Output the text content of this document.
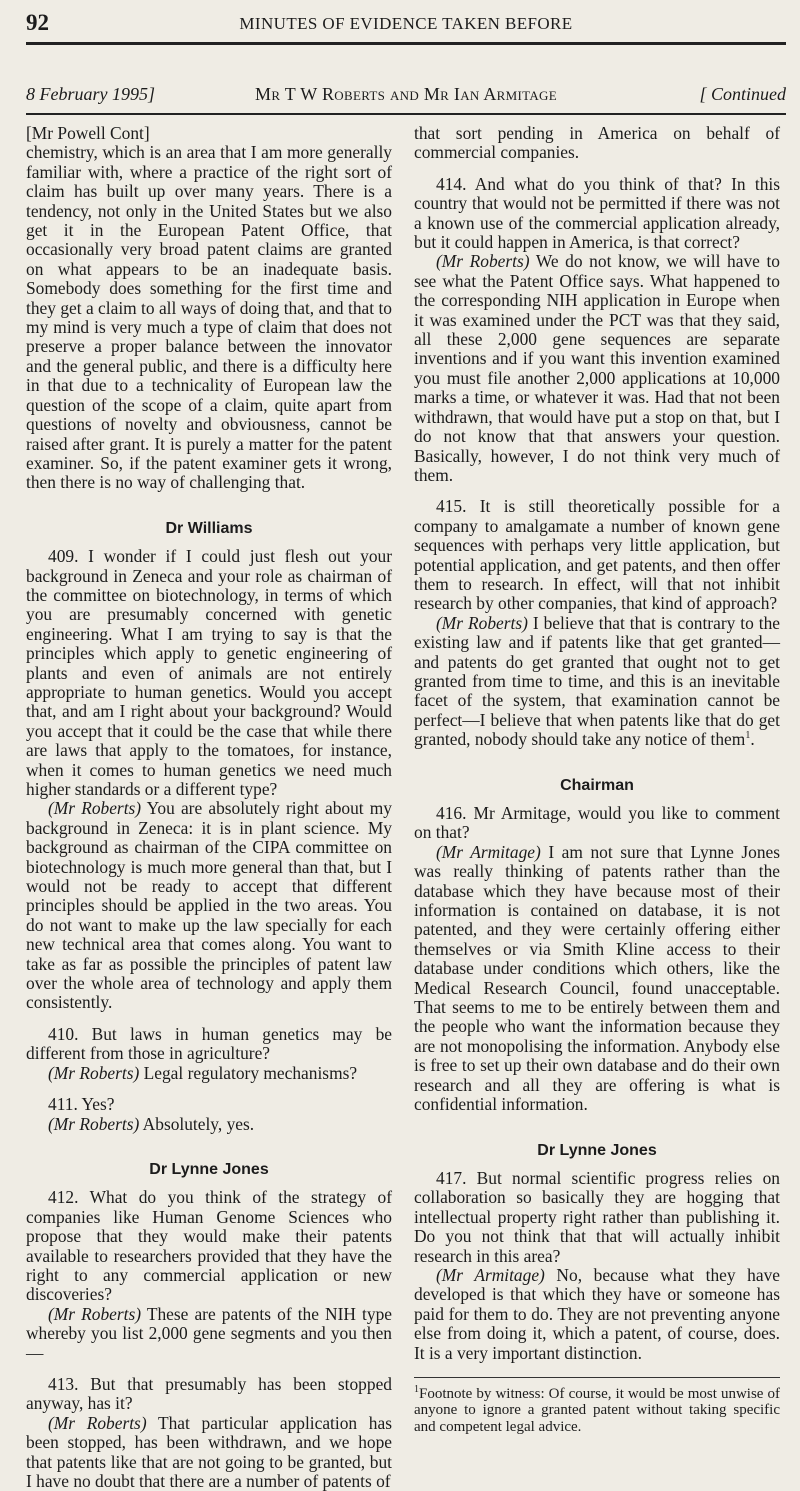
92	MINUTES OF EVIDENCE TAKEN BEFORE
8 February 1995]	Mr T W Roberts and Mr Ian Armitage	[ Continued

[Mr Powell Cont]

chemistry, which is an area that I am more generally familiar with, where a practice of the right sort of claim has built up over many years. There is a tendency, not only in the United States but we also get it in the European Patent Office, that occasionally very broad patent claims are granted on what appears to be an inadequate basis. Somebody does something for the first time and they get a claim to all ways of doing that, and that to my mind is very much a type of claim that does not preserve a proper balance between the innovator and the general public, and there is a difficulty here in that due to a technicality of European law the question of the scope of a claim, quite apart from questions of novelty and obviousness, cannot be raised after grant. It is purely a matter for the patent examiner. So, if the patent examiner gets it wrong, then there is no way of challenging that.

Dr Williams

409. I wonder if I could just flesh out your background in Zeneca and your role as chairman of the committee on biotechnology, in terms of which you are presumably concerned with genetic engineering. What I am trying to say is that the principles which apply to genetic engineering of plants and even of animals are not entirely appropriate to human genetics. Would you accept that, and am I right about your background? Would you accept that it could be the case that while there are laws that apply to the tomatoes, for instance, when it comes to human genetics we need much higher standards or a different type?

(Mr Roberts) You are absolutely right about my background in Zeneca: it is in plant science. My background as chairman of the CIPA committee on biotechnology is much more general than that, but I would not be ready to accept that different principles should be applied in the two areas. You do not want to make up the law specially for each new technical area that comes along. You want to take as far as possible the principles of patent law over the whole area of technology and apply them consistently.

410. But laws in human genetics may be different from those in agriculture?

(Mr Roberts) Legal regulatory mechanisms?

411. Yes?

(Mr Roberts) Absolutely, yes.

Dr Lynne Jones

412. What do you think of the strategy of companies like Human Genome Sciences who propose that they would make their patents available to researchers provided that they have the right to any commercial application or new discoveries?

(Mr Roberts) These are patents of the NIH type whereby you list 2,000 gene segments and you then—

413. But that presumably has been stopped anyway, has it?

(Mr Roberts) That particular application has been stopped, has been withdrawn, and we hope that patents like that are not going to be granted, but I have no doubt that there are a number of patents of

that sort pending in America on behalf of commercial companies.

414. And what do you think of that? In this country that would not be permitted if there was not a known use of the commercial application already, but it could happen in America, is that correct?

(Mr Roberts) We do not know, we will have to see what the Patent Office says. What happened to the corresponding NIH application in Europe when it was examined under the PCT was that they said, all these 2,000 gene sequences are separate inventions and if you want this invention examined you must file another 2,000 applications at 10,000 marks a time, or whatever it was. Had that not been withdrawn, that would have put a stop on that, but I do not know that that answers your question. Basically, however, I do not think very much of them.

415. It is still theoretically possible for a company to amalgamate a number of known gene sequences with perhaps very little application, but potential application, and get patents, and then offer them to research. In effect, will that not inhibit research by other companies, that kind of approach?

(Mr Roberts) I believe that that is contrary to the existing law and if patents like that get granted—and patents do get granted that ought not to get granted from time to time, and this is an inevitable facet of the system, that examination cannot be perfect—I believe that when patents like that do get granted, nobody should take any notice of them$^1$.

Chairman

416. Mr Armitage, would you like to comment on that?

(Mr Armitage) I am not sure that Lynne Jones was really thinking of patents rather than the database which they have because most of their information is contained on database, it is not patented, and they were certainly offering either themselves or via Smith Kline access to their database under conditions which others, like the Medical Research Council, found unacceptable. That seems to me to be entirely between them and the people who want the information because they are not monopolising the information. Anybody else is free to set up their own database and do their own research and all they are offering is what is confidential information.

Dr Lynne Jones

417. But normal scientific progress relies on collaboration so basically they are hogging that intellectual property right rather than publishing it. Do you not think that that will actually inhibit research in this area?

(Mr Armitage) No, because what they have developed is that which they have or someone has paid for them to do. They are not preventing anyone else from doing it, which a patent, of course, does. It is a very important distinction.

$^1$Footnote by witness: Of course, it would be most unwise of anyone to ignore a granted patent without taking specific and competent legal advice.
